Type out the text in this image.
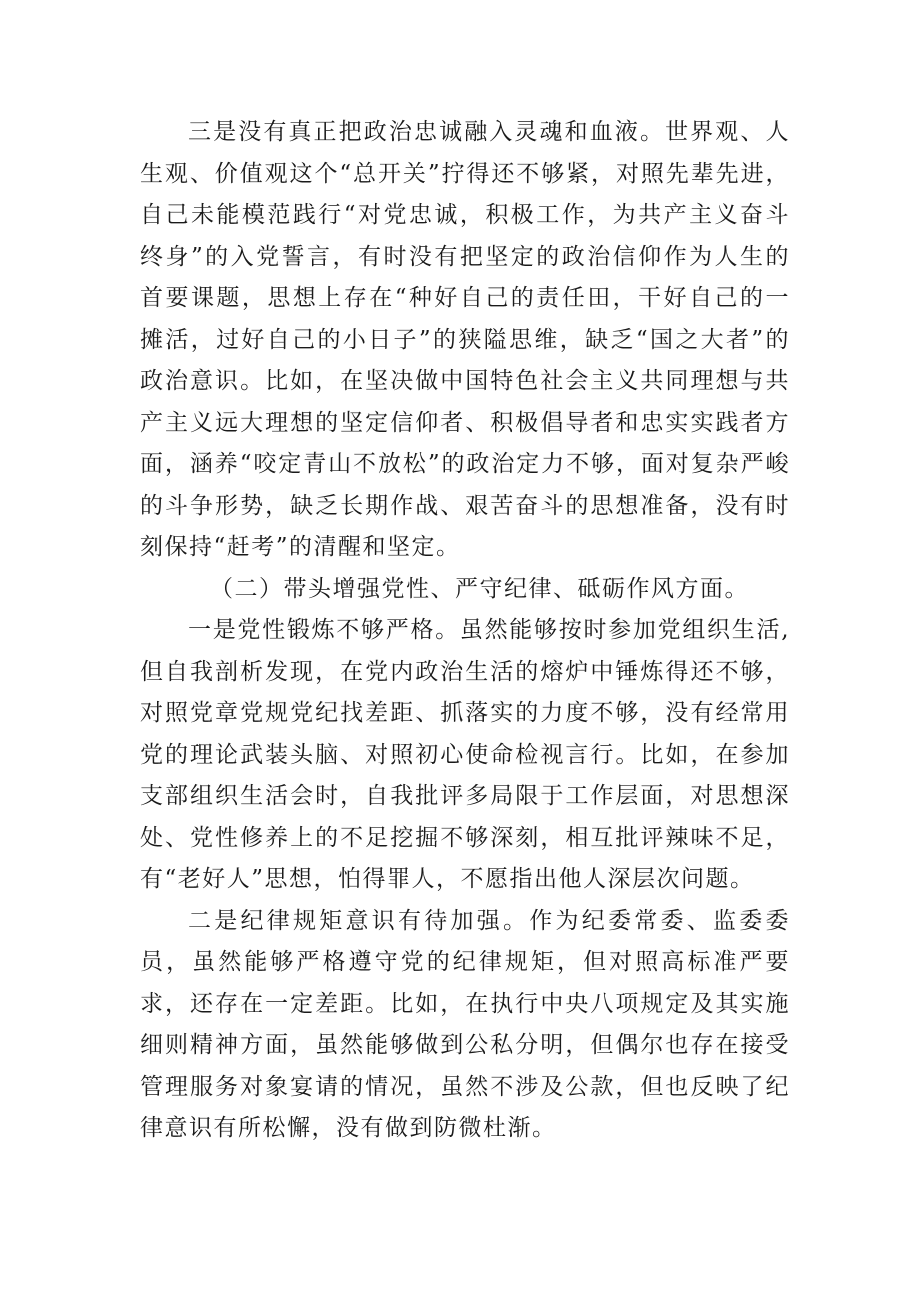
三是没有真正把政治忠诚融入灵魂和血液。世界观、人生观、价值观这个“总开关”拧得还不够紧，对照先辈先进，自己未能模范践行“对党忠诚，积极工作，为共产主义奋斗终身”的入党誓言，有时没有把坚定的政治信仰作为人生的首要课题，思想上存在“种好自己的责任田，干好自己的一摊活，过好自己的小日子”的狭隘思维，缺乏“国之大者”的政治意识。比如，在坚决做中国特色社会主义共同理想与共产主义远大理想的坚定信仰者、积极倡导者和忠实实践者方面，涵养“咬定青山不放松”的政治定力不够，面对复杂严峻的斗争形势，缺乏长期作战、艰苦奋斗的思想准备，没有时刻保持“赶考”的清醒和坚定。

（二）带头增强党性、严守纪律、砥砺作风方面。

一是党性锻炼不够严格。虽然能够按时参加党组织生活,但自我剖析发现，在党内政治生活的熔炉中锤炼得还不够，对照党章党规党纪找差距、抓落实的力度不够，没有经常用党的理论武装头脑、对照初心使命检视言行。比如，在参加支部组织生活会时，自我批评多局限于工作层面，对思想深处、党性修养上的不足挖掘不够深刻，相互批评辣味不足，有“老好人”思想，怕得罪人，不愿指出他人深层次问题。

二是纪律规矩意识有待加强。作为纪委常委、监委委员，虽然能够严格遵守党的纪律规矩，但对照高标准严要求，还存在一定差距。比如，在执行中央八项规定及其实施细则精神方面，虽然能够做到公私分明，但偶尔也存在接受管理服务对象宴请的情况，虽然不涉及公款，但也反映了纪律意识有所松懈，没有做到防微杜渐。
